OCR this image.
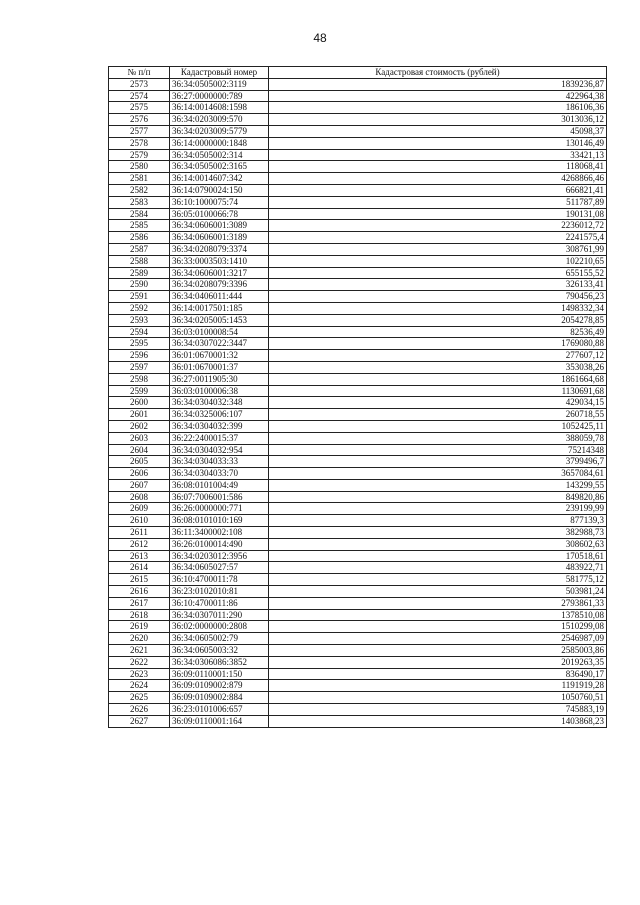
48
№ п/п	Кадастровый номер	Кадастровая стоимость (рублей)
2573	36:34:0505002:3119	1839236,87
2574	36:27:0000000:789	422964,38
2575	36:14:0014608:1598	186106,36
2576	36:34:0203009:570	3013036,12
2577	36:34:0203009:5779	45098,37
2578	36:14:0000000:1848	130146,49
2579	36:34:0505002:314	33421,13
2580	36:34:0505002:3165	118068,41
2581	36:14:0014607:342	4268866,46
2582	36:14:0790024:150	666821,41
2583	36:10:1000075:74	511787,89
2584	36:05:0100066:78	190131,08
2585	36:34:0606001:3089	2236012,72
2586	36:34:0606001:3189	2241575,4
2587	36:34:0208079:3374	308761,99
2588	36:33:0003503:1410	102210,65
2589	36:34:0606001:3217	655155,52
2590	36:34:0208079:3396	326133,41
2591	36:34:0406011:444	790456,23
2592	36:14:0017501:185	1498332,34
2593	36:34:0205005:1453	2054278,85
2594	36:03:0100008:54	82536,49
2595	36:34:0307022:3447	1769080,88
2596	36:01:0670001:32	277607,12
2597	36:01:0670001:37	353038,26
2598	36:27:0011905:30	1861664,68
2599	36:03:0100006:38	1130691,68
2600	36:34:0304032:348	429034,15
2601	36:34:0325006:107	260718,55
2602	36:34:0304032:399	1052425,11
2603	36:22:2400015:37	388059,78
2604	36:34:0304032:954	75214348
2605	36:34:0304033:33	3799496,7
2606	36:34:0304033:70	3657084,61
2607	36:08:0101004:49	143299,55
2608	36:07:7006001:586	849820,86
2609	36:26:0000000:771	239199,99
2610	36:08:0101010:169	877139,3
2611	36:11:3400002:108	382988,73
2612	36:26:0100014:490	308602,63
2613	36:34:0203012:3956	170518,61
2614	36:34:0605027:57	483922,71
2615	36:10:4700011:78	581775,12
2616	36:23:0102010:81	503981,24
2617	36:10:4700011:86	2793861,33
2618	36:34:0307011:290	1378510,08
2619	36:02:0000000:2808	1510299,08
2620	36:34:0605002:79	2546987,09
2621	36:34:0605003:32	2585003,86
2622	36:34:0306086:3852	2019263,35
2623	36:09:0110001:150	836490,17
2624	36:09:0109002:879	1191919,28
2625	36:09:0109002:884	1050760,51
2626	36:23:0101006:657	745883,19
2627	36:09:0110001:164	1403868,23
